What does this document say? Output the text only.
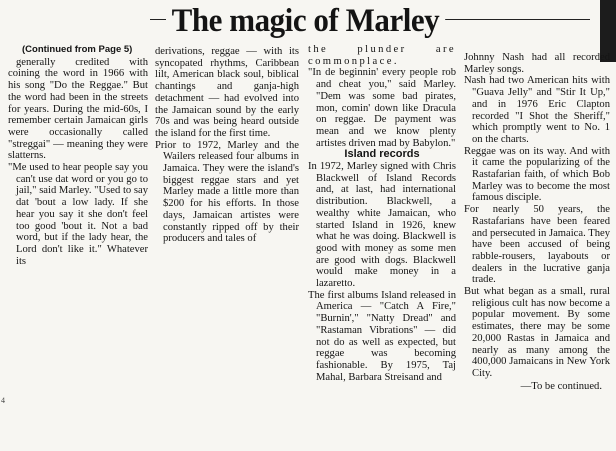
The magic of Marley
(Continued from Page 5)

generally credited with coining the word in 1966 with his song "Do the Reggae." But the word had been in the streets for years. During the mid-60s, I remember certain Jamaican girls were occasionally called "streggai" — meaning they were slatterns.

"Me used to hear people say you can't use dat word or you go to jail," said Marley. "Used to say dat 'bout a low lady. If she hear you say it she don't feel too good 'bout it. Not a bad word, but if the lady hear, the Lord don't like it." Whatever its

derivations, reggae — with its syncopated rhythms, Caribbean lilt, American black soul, biblical chantings and ganja-high detachment — had evolved into the Jamaican sound by the early 70s and was being heard outside the island for the first time.

Prior to 1972, Marley and the Wailers released four albums in Jamaica. They were the island's biggest reggae stars and yet Marley made a little more than $200 for his efforts. In those days, Jamaican artistes were constantly ripped off by their producers and tales of

the plunder are commonplace.

"In de beginnin' every people rob and cheat you," said Marley. "Dem was some bad pirates, mon, comin' down like Dracula on reggae. De payment was mean and we know plenty artistes driven mad by Babylon."

Island records

In 1972, Marley signed with Chris Blackwell of Island Records and, at last, had international distribution. Blackwell, a wealthy white Jamaican, who started Island in 1926, knew what he was doing. Blackwell is good with money as some men are good with dogs. Blackwell would make money in a lazaretto.

The first albums Island released in America — "Catch A Fire," "Burnin'," "Natty Dread" and "Rastaman Vibrations" — did not do as well as expected, but reggae was becoming fashionable. By 1975, Taj Mahal, Barbara Streisand and

Johnny Nash had all recorded Marley songs.

Nash had two American hits with "Guava Jelly" and "Stir It Up," and in 1976 Eric Clapton recorded "I Shot the Sheriff," which promptly went to No. 1 on the charts.

Reggae was on its way. And with it came the popularizing of the Rastafarian faith, of which Bob Marley was to become the most famous disciple.

For nearly 50 years, the Rastafarians have been feared and persecuted in Jamaica. They have been accused of being rabble-rousers, layabouts or dealers in the lucrative ganja trade.

But what began as a small, rural religious cult has now become a popular movement. By some estimates, there may be some 20,000 Rastas in Jamaica and nearly as many among the 400,000 Jamaicans in New York City.

—To be continued.

4
